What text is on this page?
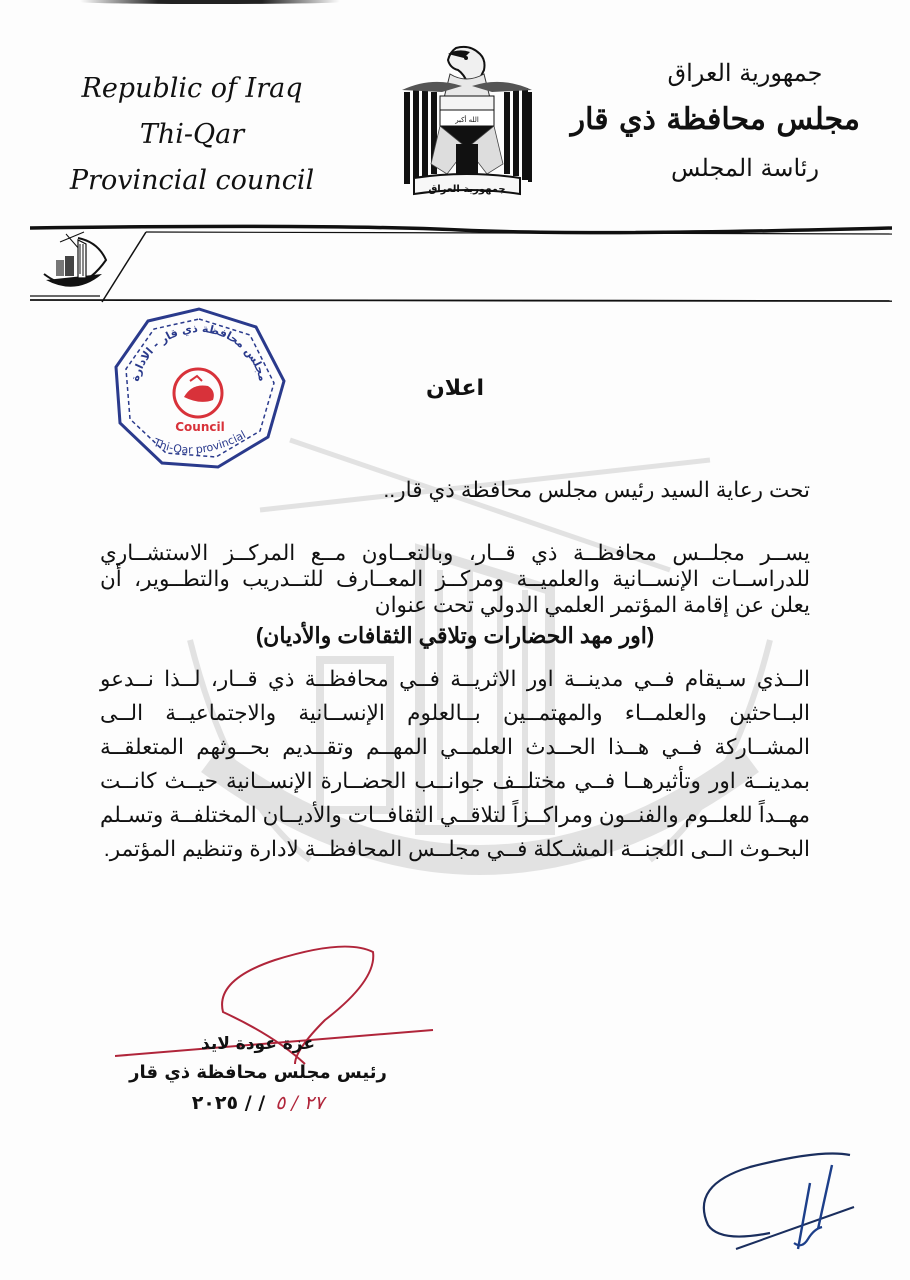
Republic of Iraq
Thi-Qar
Provincial council
الله أكبر
جمهورية العراق
جمهورية العراق
مجلس محافظة ذي قار
رئاسة المجلس
مجلس محافظة ذي قار - الادارة
Council
Thi-Qar provincial
اعلان
تحت رعاية السيد رئيس مجلس محافظة ذي قار..
يســر مجلــس محافظــة ذي قــار، وبالتعــاون مــع المركــز الاستشــاري للدراســات الإنســانية والعلميــة ومركــز المعــارف للتــدريب والتطــوير، أن يعلن عن إقامة المؤتمر العلمي الدولي تحت عنوان
(اور مهد الحضارات وتلاقي الثقافات والأديان)
الــذي سـيقام فــي مدينــة اور الاثريــة فــي محافظــة ذي قــار، لــذا نــدعو البــاحثين والعلمــاء والمهتمــين بــالعلوم الإنســانية والاجتماعيــة الــى المشــاركة فــي هــذا الحــدث العلمــي المهــم وتقــديم بحــوثهم المتعلقــة بمدينــة اور وتأثيرهــا فــي مختلــف جوانــب الحضــارة الإنســانية حيــث كانــت مهــداً للعلــوم والفنــون ومراكــزاً لتلاقــي الثقافــات والأديــان المختلفــة وتسـلم البحـوث الــى اللجنــة المشـكلة فــي مجلــس المحافظــة لادارة وتنظيم المؤتمر.
عزة عودة لايذ
رئيس مجلس محافظة ذي قار
/ / ٢٠٢٥ ٢٧ / ٥
